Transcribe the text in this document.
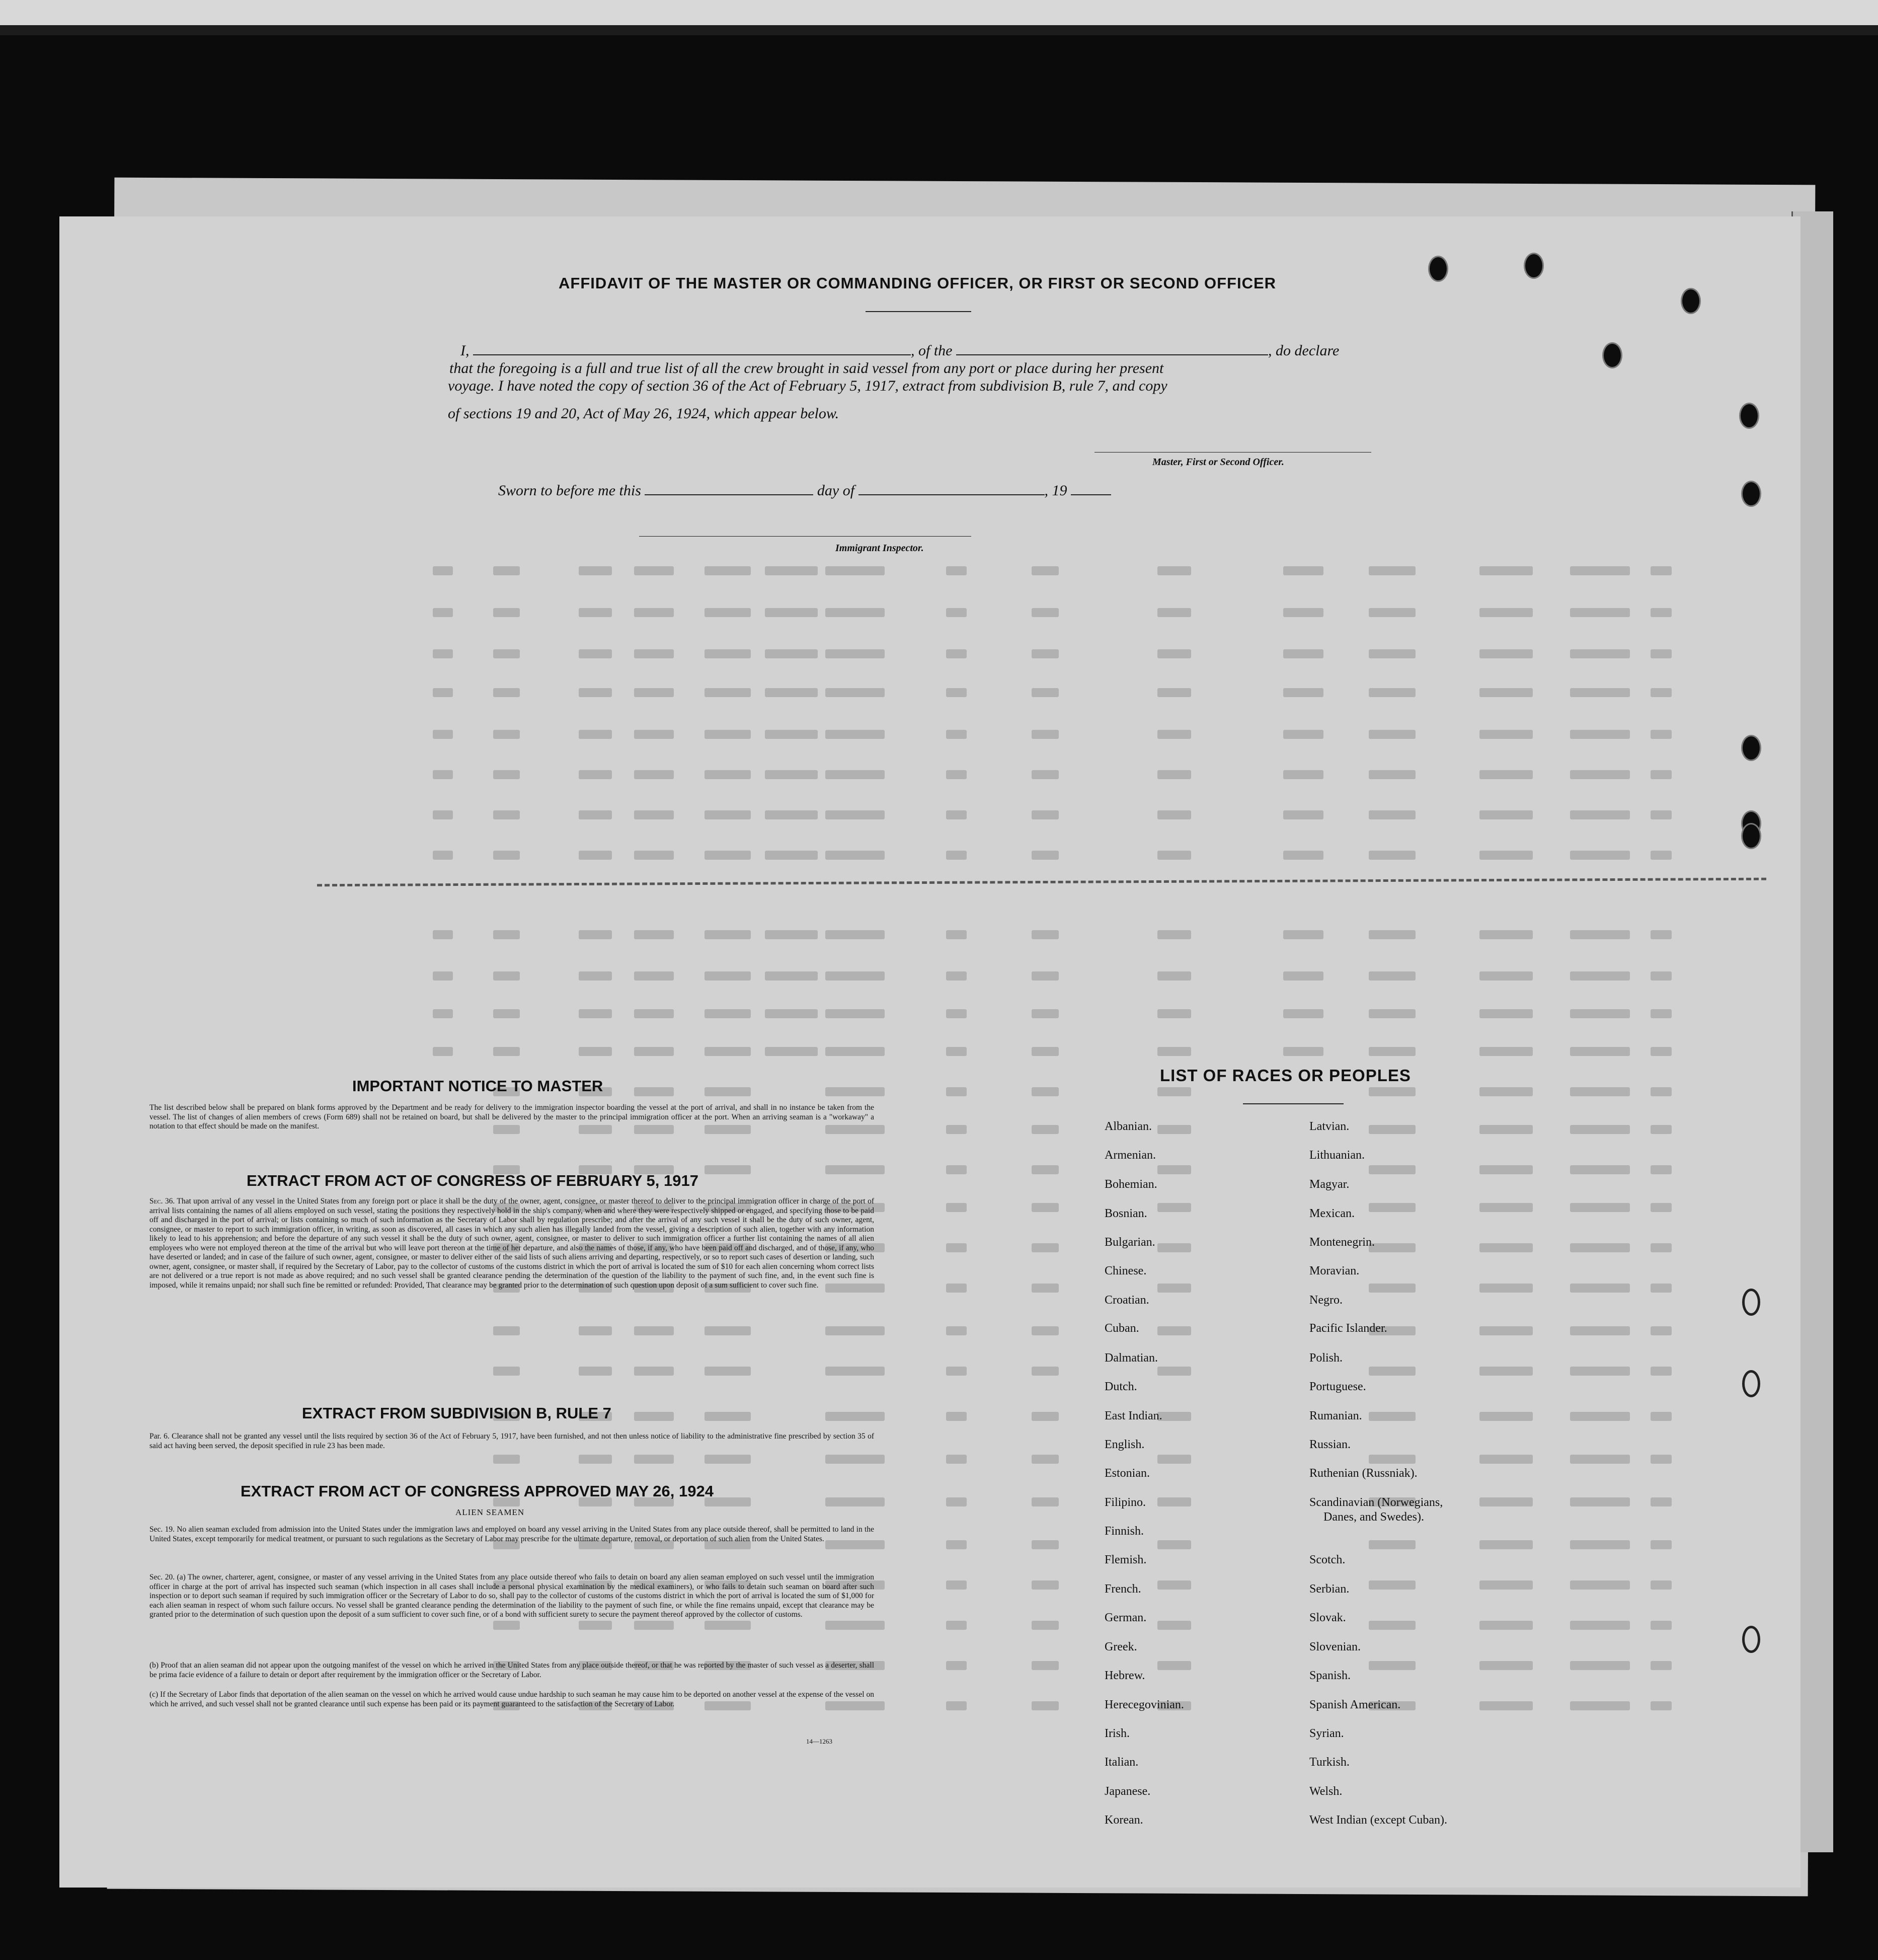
AFFIDAVIT OF THE MASTER OR COMMANDING OFFICER, OR FIRST OR SECOND OFFICER
I,	, of the	, do declare
that the foregoing is a full and true list of all the crew brought in said vessel from any port or place during her present
voyage. I have noted the copy of section 36 of the Act of February 5, 1917, extract from subdivision B, rule 7, and copy
of sections 19 and 20, Act of May 26, 1924, which appear below.
Master, First or Second Officer.
Sworn to before me this	day of	, 19
Immigrant Inspector.
IMPORTANT NOTICE TO MASTER
The list described below shall be prepared on blank forms approved by the Department and be ready for delivery to the immigration inspector boarding the vessel at the port of arrival, and shall in no instance be taken from the vessel. The list of changes of alien members of crews (Form 689) shall not be retained on board, but shall be delivered by the master to the principal immigration officer at the port. When an arriving seaman is a "workaway" a notation to that effect should be made on the manifest.
EXTRACT FROM ACT OF CONGRESS OF FEBRUARY 5, 1917
Sec. 36. That upon arrival of any vessel in the United States from any foreign port or place it shall be the duty of the owner, agent, consignee, or master thereof to deliver to the principal immigration officer in charge of the port of arrival lists containing the names of all aliens employed on such vessel, stating the positions they respectively hold in the ship's company, when and where they were respectively shipped or engaged, and specifying those to be paid off and discharged in the port of arrival; or lists containing so much of such information as the Secretary of Labor shall by regulation prescribe; and after the arrival of any such vessel it shall be the duty of such owner, agent, consignee, or master to report to such immigration officer, in writing, as soon as discovered, all cases in which any such alien has illegally landed from the vessel, giving a description of such alien, together with any information likely to lead to his apprehension; and before the departure of any such vessel it shall be the duty of such owner, agent, consignee, or master to deliver to such immigration officer a further list containing the names of all alien employees who were not employed thereon at the time of the arrival but who will leave port thereon at the time of her departure, and also the names of those, if any, who have been paid off and discharged, and of those, if any, who have deserted or landed; and in case of the failure of such owner, agent, consignee, or master to deliver either of the said lists of such aliens arriving and departing, respectively, or so to report such cases of desertion or landing, such owner, agent, consignee, or master shall, if required by the Secretary of Labor, pay to the collector of customs of the customs district in which the port of arrival is located the sum of $10 for each alien concerning whom correct lists are not delivered or a true report is not made as above required; and no such vessel shall be granted clearance pending the determination of the question of the liability to the payment of such fine, and, in the event such fine is imposed, while it remains unpaid; nor shall such fine be remitted or refunded: Provided, That clearance may be granted prior to the determination of such question upon deposit of a sum sufficient to cover such fine.
EXTRACT FROM SUBDIVISION B, RULE 7
Par. 6. Clearance shall not be granted any vessel until the lists required by section 36 of the Act of February 5, 1917, have been furnished, and not then unless notice of liability to the administrative fine prescribed by section 35 of said act having been served, the deposit specified in rule 23 has been made.
EXTRACT FROM ACT OF CONGRESS APPROVED MAY 26, 1924
ALIEN SEAMEN
Sec. 19. No alien seaman excluded from admission into the United States under the immigration laws and employed on board any vessel arriving in the United States from any place outside thereof, shall be permitted to land in the United States, except temporarily for medical treatment, or pursuant to such regulations as the Secretary of Labor may prescribe for the ultimate departure, removal, or deportation of such alien from the United States.
Sec. 20. (a) The owner, charterer, agent, consignee, or master of any vessel arriving in the United States from any place outside thereof who fails to detain on board any alien seaman employed on such vessel until the immigration officer in charge at the port of arrival has inspected such seaman (which inspection in all cases shall include a personal physical examination by the medical examiners), or who fails to detain such seaman on board after such inspection or to deport such seaman if required by such immigration officer or the Secretary of Labor to do so, shall pay to the collector of customs of the customs district in which the port of arrival is located the sum of $1,000 for each alien seaman in respect of whom such failure occurs. No vessel shall be granted clearance pending the determination of the liability to the payment of such fine, or while the fine remains unpaid, except that clearance may be granted prior to the determination of such question upon the deposit of a sum sufficient to cover such fine, or of a bond with sufficient surety to secure the payment thereof approved by the collector of customs.
(b) Proof that an alien seaman did not appear upon the outgoing manifest of the vessel on which he arrived in the United States from any place outside thereof, or that he was reported by the master of such vessel as a deserter, shall be prima facie evidence of a failure to detain or deport after requirement by the immigration officer or the Secretary of Labor.
(c) If the Secretary of Labor finds that deportation of the alien seaman on the vessel on which he arrived would cause undue hardship to such seaman he may cause him to be deported on another vessel at the expense of the vessel on which he arrived, and such vessel shall not be granted clearance until such expense has been paid or its payment guaranteed to the satisfaction of the Secretary of Labor.
14—1263
LIST OF RACES OR PEOPLES
Albanian.
Armenian.
Bohemian.
Bosnian.
Bulgarian.
Chinese.
Croatian.
Cuban.
Dalmatian.
Dutch.
East Indian.
English.
Estonian.
Filipino.
Finnish.
Flemish.
French.
German.
Greek.
Hebrew.
Herecegovinian.
Irish.
Italian.
Japanese.
Korean.
Latvian.
Lithuanian.
Magyar.
Mexican.
Montenegrin.
Moravian.
Negro.
Pacific Islander.
Polish.
Portuguese.
Rumanian.
Russian.
Ruthenian (Russniak).
Scandinavian (Norwegians,
Danes, and Swedes).
Scotch.
Serbian.
Slovak.
Slovenian.
Spanish.
Spanish American.
Syrian.
Turkish.
Welsh.
West Indian (except Cuban).
